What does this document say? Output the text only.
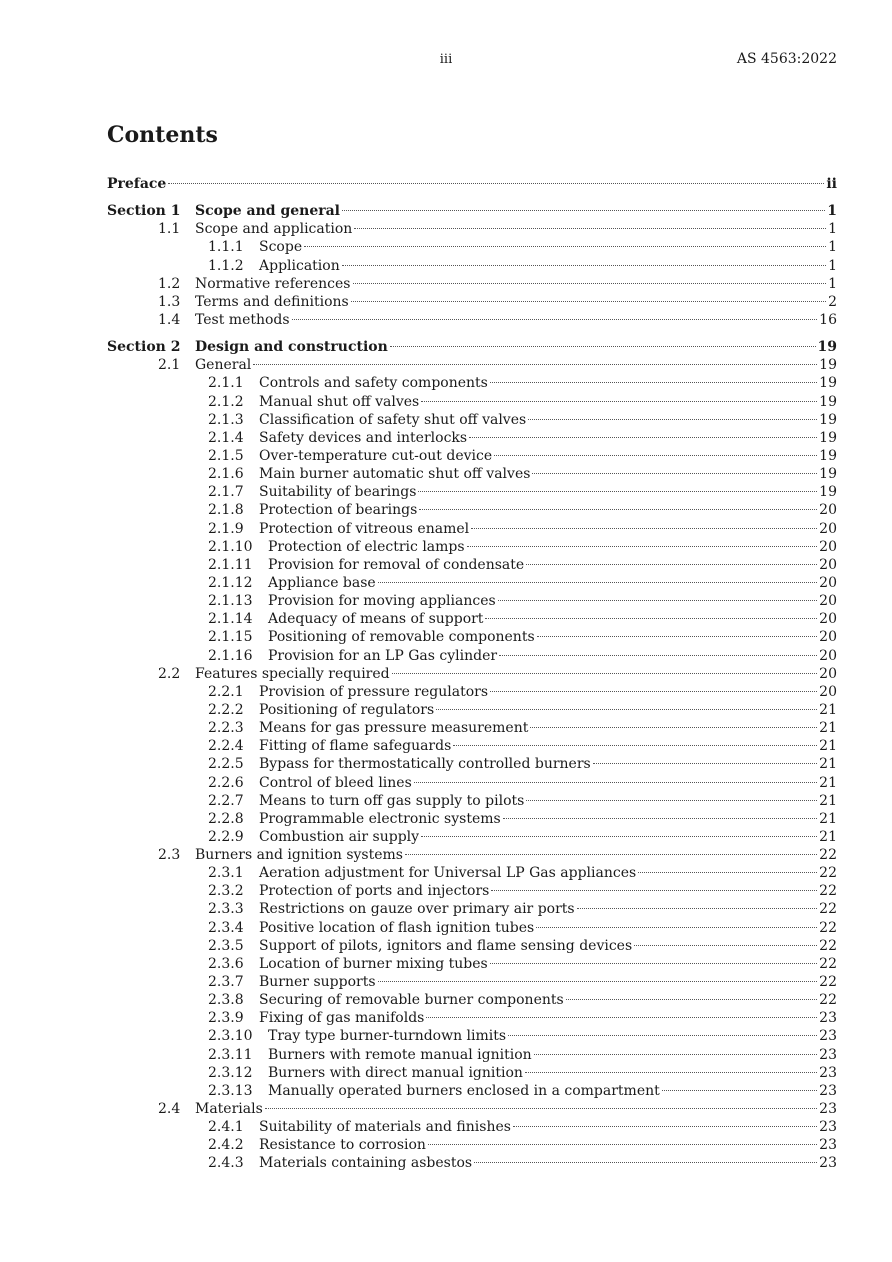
iii	AS 4563:2022
Contents
Preface	ii
Section 1 Scope and general	1
1.1 Scope and application	1
1.1.1 Scope	1
1.1.2 Application	1
1.2 Normative references	1
1.3 Terms and definitions	2
1.4 Test methods	16
Section 2 Design and construction	19
2.1 General	19
2.1.1 Controls and safety components	19
2.1.2 Manual shut off valves	19
2.1.3 Classification of safety shut off valves	19
2.1.4 Safety devices and interlocks	19
2.1.5 Over-temperature cut-out device	19
2.1.6 Main burner automatic shut off valves	19
2.1.7 Suitability of bearings	19
2.1.8 Protection of bearings	20
2.1.9 Protection of vitreous enamel	20
2.1.10 Protection of electric lamps	20
2.1.11 Provision for removal of condensate	20
2.1.12 Appliance base	20
2.1.13 Provision for moving appliances	20
2.1.14 Adequacy of means of support	20
2.1.15 Positioning of removable components	20
2.1.16 Provision for an LP Gas cylinder	20
2.2 Features specially required	20
2.2.1 Provision of pressure regulators	20
2.2.2 Positioning of regulators	21
2.2.3 Means for gas pressure measurement	21
2.2.4 Fitting of flame safeguards	21
2.2.5 Bypass for thermostatically controlled burners	21
2.2.6 Control of bleed lines	21
2.2.7 Means to turn off gas supply to pilots	21
2.2.8 Programmable electronic systems	21
2.2.9 Combustion air supply	21
2.3 Burners and ignition systems	22
2.3.1 Aeration adjustment for Universal LP Gas appliances	22
2.3.2 Protection of ports and injectors	22
2.3.3 Restrictions on gauze over primary air ports	22
2.3.4 Positive location of flash ignition tubes	22
2.3.5 Support of pilots, ignitors and flame sensing devices	22
2.3.6 Location of burner mixing tubes	22
2.3.7 Burner supports	22
2.3.8 Securing of removable burner components	22
2.3.9 Fixing of gas manifolds	23
2.3.10 Tray type burner-turndown limits	23
2.3.11 Burners with remote manual ignition	23
2.3.12 Burners with direct manual ignition	23
2.3.13 Manually operated burners enclosed in a compartment	23
2.4 Materials	23
2.4.1 Suitability of materials and finishes	23
2.4.2 Resistance to corrosion	23
2.4.3 Materials containing asbestos	23
